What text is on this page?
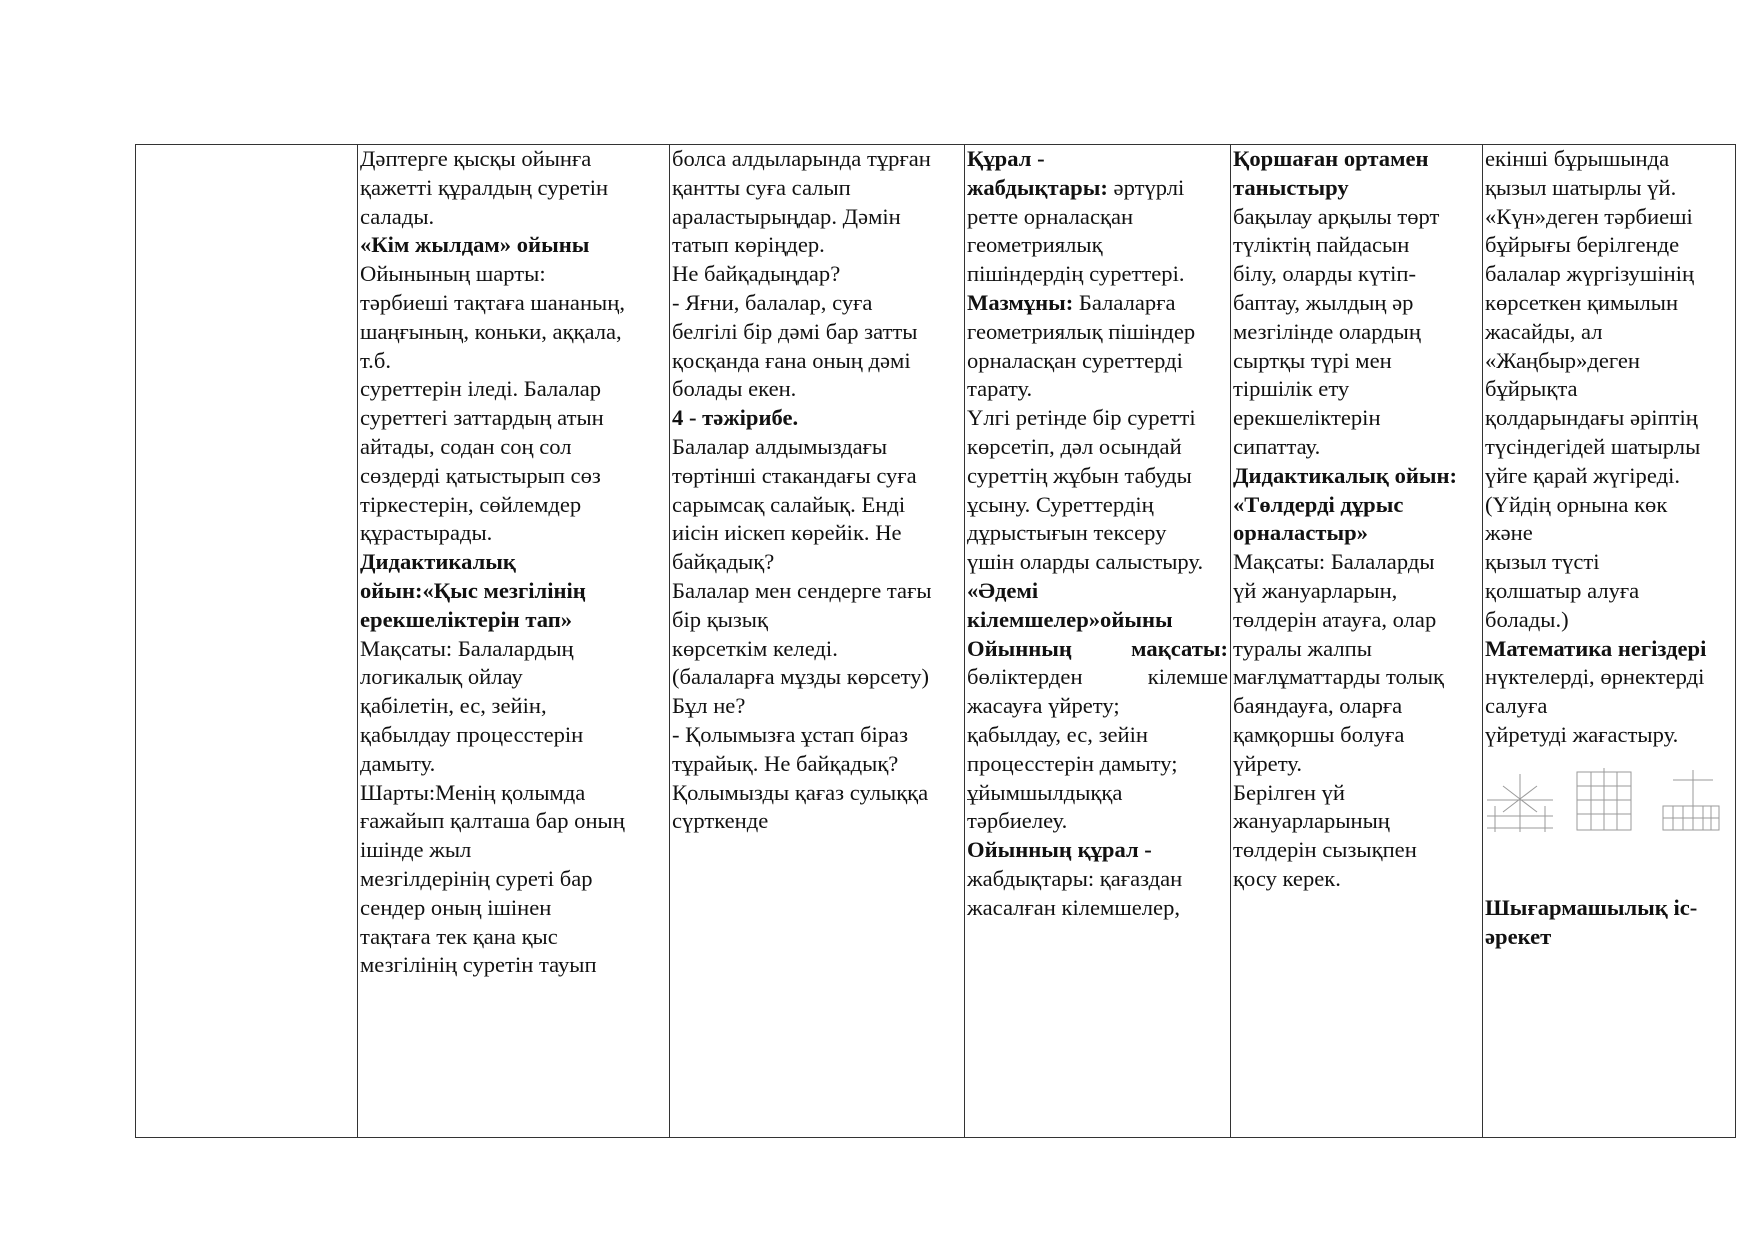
Дәптерге қысқы ойынға
қажетті құралдың суретін
салады.
«Кім жылдам» ойыны
Ойынының шарты:
тәрбиеші тақтаға шананың,
шаңғының, коньки, аққала,
т.б.
суреттерін іледі. Балалар
суреттегі заттардың атын
айтады, содан соң сол
сөздерді қатыстырып сөз
тіркестерін, сөйлемдер
құрастырады.
Дидактикалық
ойын:«Қыс мезгілінің
ерекшеліктерін тап»
Мақсаты: Балалардың
логикалық ойлау
қабілетін, ес, зейін,
қабылдау процесстерін
дамыту.
Шарты:Менің қолымда
ғажайып қалташа бар оның
ішінде жыл
мезгілдерінің суреті бар
сендер оның ішінен
тақтаға тек қана қыс
мезгілінің суретін тауып

болса алдыларында тұрған
қантты суға салып
араластырыңдар. Дәмін
татып көріңдер.
Не байқадыңдар?
- Яғни, балалар, суға
белгілі бір дәмі бар затты
қосқанда ғана оның дәмі
болады екен.
4 - тәжірибе.
Балалар алдымыздағы
төртінші стакандағы суға
сарымсақ салайық. Енді
иісін иіскеп көрейік. Не
байқадық?
Балалар мен сендерге тағы
бір қызық
көрсеткім келеді.
(балаларға мұзды көрсету)
Бұл не?
- Қолымызға ұстап біраз
тұрайық. Не байқадық?
Қолымызды қағаз сулыққа
сүрткенде

Құрал -
жабдықтары: әртүрлі
ретте орналасқан
геометриялық
пішіндердің суреттері.
Мазмұны: Балаларға
геометриялық пішіндер
орналасқан суреттерді
тарату.
Үлгі ретінде бір суретті
көрсетіп, дәл осындай
суреттің жұбын табуды
ұсыну. Суреттердің
дұрыстығын тексеру
үшін оларды салыстыру.
«Әдемі
кілемшелер»ойыны
Ойынның	мақсаты:
бөліктерден	кілемше
жасауға үйрету;
қабылдау, ес, зейін
процесстерін дамыту;
ұйымшылдыққа
тәрбиелеу.
Ойынның құрал -
жабдықтары: қағаздан
жасалған кілемшелер,

Қоршаған ортамен
таныстыру
бақылау арқылы төрт
түліктің пайдасын
білу, оларды күтіп-
баптау, жылдың әр
мезгілінде олардың
сыртқы түрі мен
тіршілік ету
ерекшеліктерін
сипаттау.
Дидактикалық ойын:
«Төлдерді дұрыс
орналастыр»
Мақсаты: Балаларды
үй жануарларын,
төлдерін атауға, олар
туралы жалпы
мағлұматтарды толық
баяндауға, оларға
қамқоршы болуға
үйрету.
Берілген үй
жануарларының
төлдерін сызықпен
қосу керек.

екінші бұрышында
қызыл шатырлы үй.
«Күн»деген тәрбиеші
бұйрығы берілгенде
балалар жүргізушінің
көрсеткен қимылын
жасайды, ал
«Жаңбыр»деген
бұйрықта
қолдарындағы әріптің
түсіндегідей шатырлы
үйге қарай жүгіреді.
(Үйдің орнына көк
және
қызыл түсті
қолшатыр алуға
болады.)
Математика негіздері
нүктелерді, өрнектерді
салуға
үйретуді жағастыру.
Шығармашылық іс-
әрекет
